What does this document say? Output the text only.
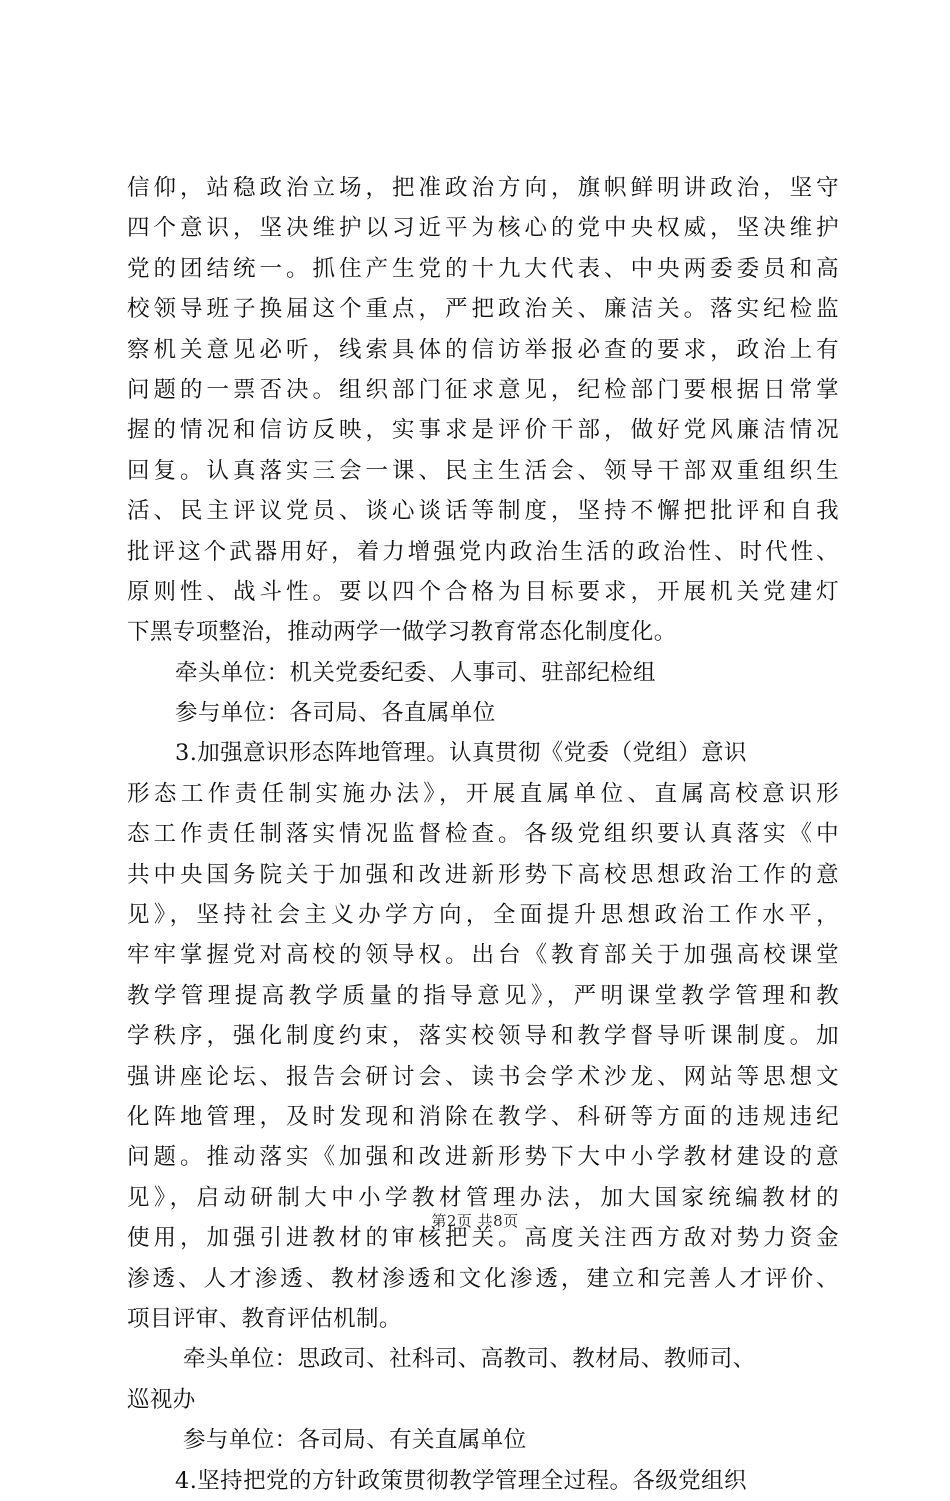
信仰，站稳政治立场，把准政治方向，旗帜鲜明讲政治，坚守
四个意识，坚决维护以习近平为核心的党中央权威，坚决维护
党的团结统一。抓住产生党的十九大代表、中央两委委员和高
校领导班子换届这个重点，严把政治关、廉洁关。落实纪检监
察机关意见必听，线索具体的信访举报必查的要求，政治上有
问题的一票否决。组织部门征求意见，纪检部门要根据日常掌
握的情况和信访反映，实事求是评价干部，做好党风廉洁情况
回复。认真落实三会一课、民主生活会、领导干部双重组织生
活、民主评议党员、谈心谈话等制度，坚持不懈把批评和自我
批评这个武器用好，着力增强党内政治生活的政治性、时代性、
原则性、战斗性。要以四个合格为目标要求，开展机关党建灯
下黑专项整治，推动两学一做学习教育常态化制度化。
牵头单位：机关党委纪委、人事司、驻部纪检组
参与单位：各司局、各直属单位
3.加强意识形态阵地管理。认真贯彻《党委（党组）意识
形态工作责任制实施办法》，开展直属单位、直属高校意识形
态工作责任制落实情况监督检查。各级党组织要认真落实《中
共中央国务院关于加强和改进新形势下高校思想政治工作的意
见》，坚持社会主义办学方向，全面提升思想政治工作水平，
牢牢掌握党对高校的领导权。出台《教育部关于加强高校课堂
教学管理提高教学质量的指导意见》，严明课堂教学管理和教
学秩序，强化制度约束，落实校领导和教学督导听课制度。加
强讲座论坛、报告会研讨会、读书会学术沙龙、网站等思想文
化阵地管理，及时发现和消除在教学、科研等方面的违规违纪
问题。推动落实《加强和改进新形势下大中小学教材建设的意
见》，启动研制大中小学教材管理办法，加大国家统编教材的
使用，加强引进教材的审核把关。高度关注西方敌对势力资金
渗透、人才渗透、教材渗透和文化渗透，建立和完善人才评价、
项目评审、教育评估机制。
牵头单位：思政司、社科司、高教司、教材局、教师司、
巡视办
参与单位：各司局、有关直属单位
4.坚持把党的方针政策贯彻教学管理全过程。各级党组织
第2页 共8页
